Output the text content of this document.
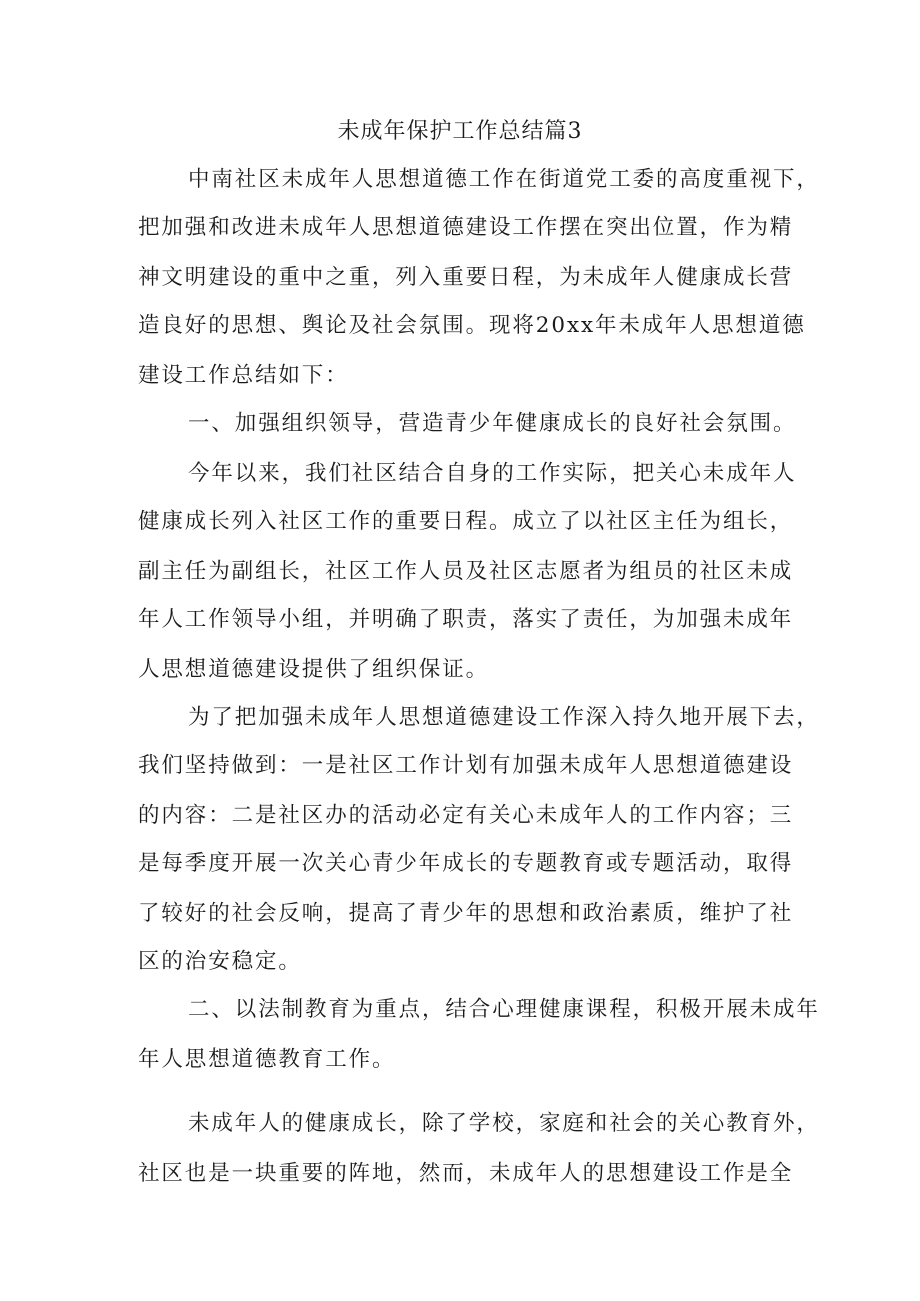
未成年保护工作总结篇3

中南社区未成年人思想道德工作在街道党工委的高度重视下，

把加强和改进未成年人思想道德建设工作摆在突出位置，作为精

神文明建设的重中之重，列入重要日程，为未成年人健康成长营

造良好的思想、舆论及社会氛围。现将20xx年未成年人思想道德

建设工作总结如下：

一、加强组织领导，营造青少年健康成长的良好社会氛围。

今年以来，我们社区结合自身的工作实际，把关心未成年人

健康成长列入社区工作的重要日程。成立了以社区主任为组长，

副主任为副组长，社区工作人员及社区志愿者为组员的社区未成

年人工作领导小组，并明确了职责，落实了责任，为加强未成年

人思想道德建设提供了组织保证。

为了把加强未成年人思想道德建设工作深入持久地开展下去，

我们坚持做到：一是社区工作计划有加强未成年人思想道德建设

的内容：二是社区办的活动必定有关心未成年人的工作内容；三

是每季度开展一次关心青少年成长的专题教育或专题活动，取得

了较好的社会反响，提高了青少年的思想和政治素质，维护了社

区的治安稳定。

二、以法制教育为重点，结合心理健康课程，积极开展未成年

年人思想道德教育工作。

未成年人的健康成长，除了学校，家庭和社会的关心教育外，

社区也是一块重要的阵地，然而，未成年人的思想建设工作是全
